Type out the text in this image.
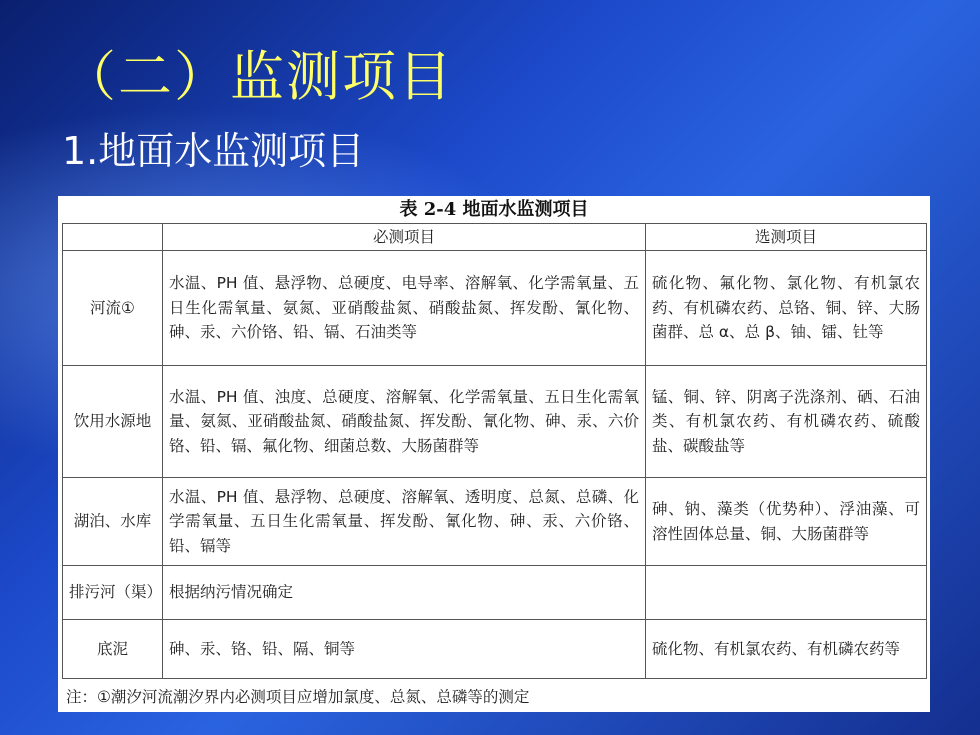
（二）监测项目
1.地面水监测项目
表 2-4 地面水监测项目
	必测项目	选测项目
河流①	水温、PH 值、悬浮物、总硬度、电导率、溶解氧、化学需氧量、五日生化需氧量、氨氮、亚硝酸盐氮、硝酸盐氮、挥发酚、氰化物、砷、汞、六价铬、铅、镉、石油类等	硫化物、氟化物、氯化物、有机氯农药、有机磷农药、总铬、铜、锌、大肠菌群、总 α、总 β、铀、镭、钍等
饮用水源地	水温、PH 值、浊度、总硬度、溶解氧、化学需氧量、五日生化需氧量、氨氮、亚硝酸盐氮、硝酸盐氮、挥发酚、氰化物、砷、汞、六价铬、铅、镉、氟化物、细菌总数、大肠菌群等	锰、铜、锌、阴离子洗涤剂、硒、石油类、有机氯农药、有机磷农药、硫酸盐、碳酸盐等
湖泊、水库	水温、PH 值、悬浮物、总硬度、溶解氧、透明度、总氮、总磷、化学需氧量、五日生化需氧量、挥发酚、氰化物、砷、汞、六价铬、铅、镉等	砷、钠、藻类（优势种）、浮油藻、可溶性固体总量、铜、大肠菌群等
排污河（渠）	根据纳污情况确定	
底泥	砷、汞、铬、铅、隔、铜等	硫化物、有机氯农药、有机磷农药等
注：①潮汐河流潮汐界内必测项目应增加氯度、总氮、总磷等的测定
